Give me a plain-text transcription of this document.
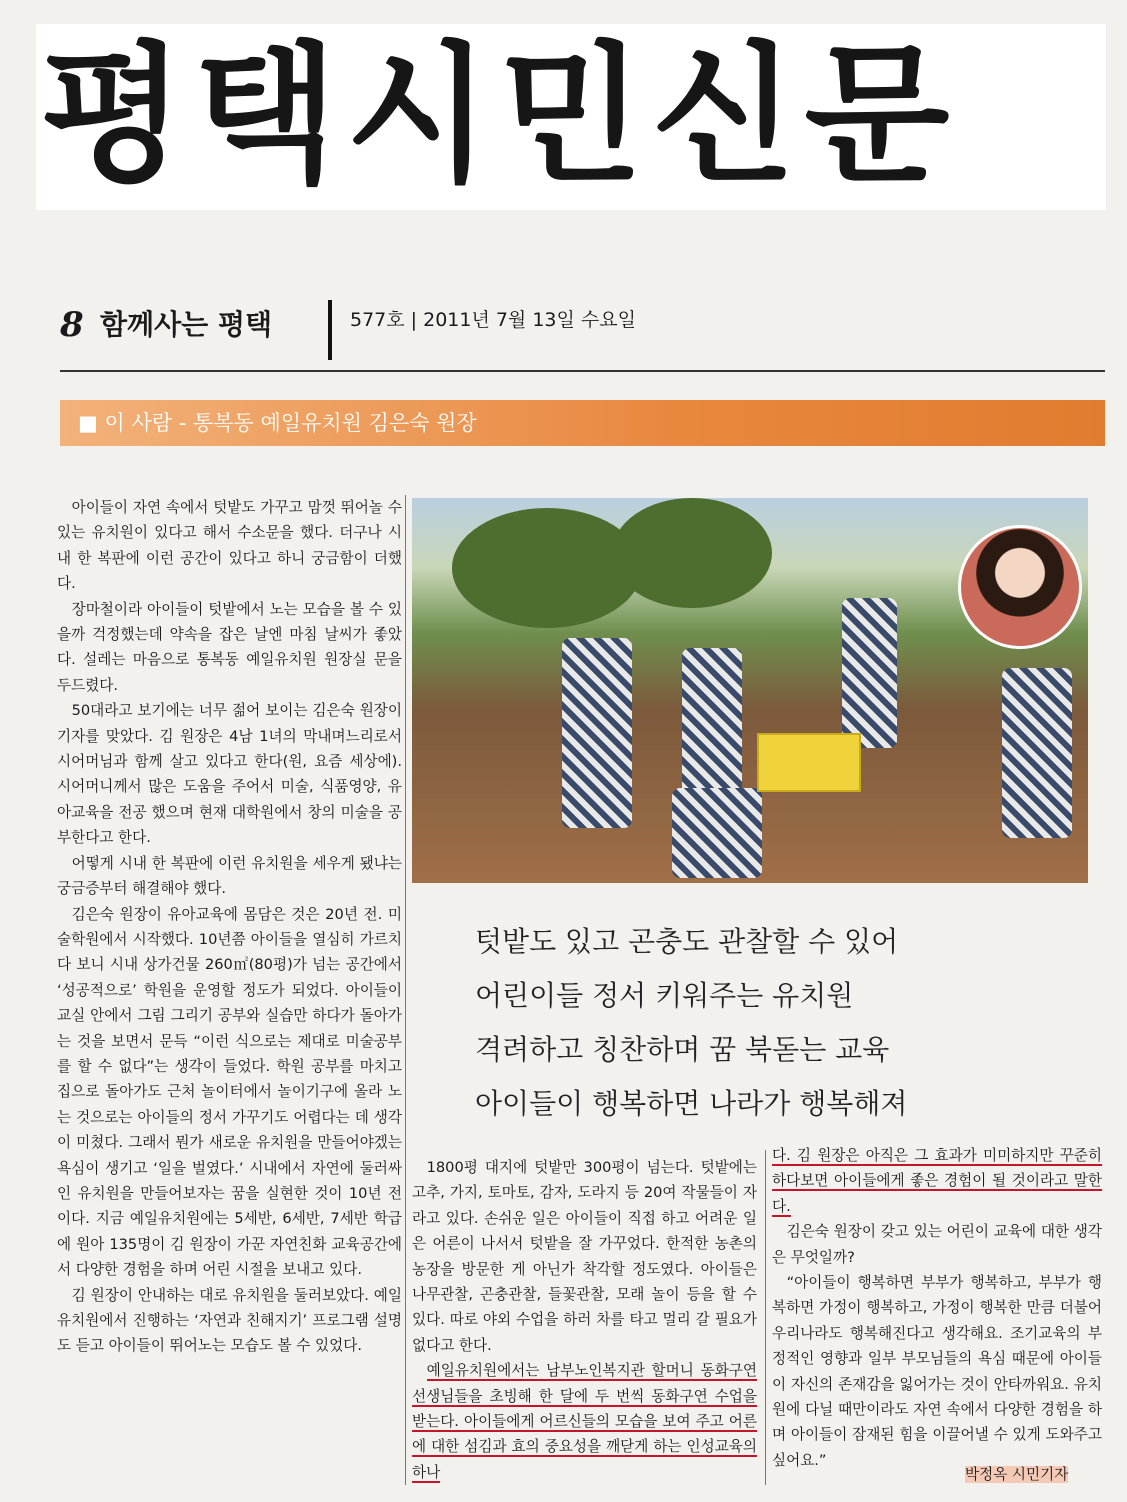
평택시민신문
8 함께사는 평택	577호 | 2011년 7월 13일 수요일
■ 이 사람 - 통복동 예일유치원 김은숙 원장

아이들이 자연 속에서 텃밭도 가꾸고 맘껏 뛰어놀 수 있는 유치원이 있다고 해서 수소문을 했다. 더구나 시내 한 복판에 이런 공간이 있다고 하니 궁금함이 더했다.

장마철이라 아이들이 텃밭에서 노는 모습을 볼 수 있을까 걱정했는데 약속을 잡은 날엔 마침 날씨가 좋았다. 설레는 마음으로 통복동 예일유치원 원장실 문을 두드렸다.

50대라고 보기에는 너무 젊어 보이는 김은숙 원장이 기자를 맞았다. 김 원장은 4남 1녀의 막내며느리로서 시어머님과 함께 살고 있다고 한다(원, 요즘 세상에). 시어머니께서 많은 도움을 주어서 미술, 식품영양, 유아교육을 전공 했으며 현재 대학원에서 창의 미술을 공부한다고 한다.

어떻게 시내 한 복판에 이런 유치원을 세우게 됐냐는 궁금증부터 해결해야 했다.

김은숙 원장이 유아교육에 몸담은 것은 20년 전. 미술학원에서 시작했다. 10년쯤 아이들을 열심히 가르치다 보니 시내 상가건물 260㎡(80평)가 넘는 공간에서 ‘성공적으로’ 학원을 운영할 정도가 되었다. 아이들이 교실 안에서 그림 그리기 공부와 실습만 하다가 돌아가는 것을 보면서 문득 “이런 식으로는 제대로 미술공부를 할 수 없다”는 생각이 들었다. 학원 공부를 마치고 집으로 돌아가도 근처 놀이터에서 놀이기구에 올라 노는 것으로는 아이들의 정서 가꾸기도 어렵다는 데 생각이 미쳤다. 그래서 뭔가 새로운 유치원을 만들어야겠는 욕심이 생기고 ‘일을 벌였다.’ 시내에서 자연에 둘러싸인 유치원을 만들어보자는 꿈을 실현한 것이 10년 전이다. 지금 예일유치원에는 5세반, 6세반, 7세반 학급에 원아 135명이 김 원장이 가꾼 자연친화 교육공간에서 다양한 경험을 하며 어린 시절을 보내고 있다.

김 원장이 안내하는 대로 유치원을 둘러보았다. 예일유치원에서 진행하는 ‘자연과 친해지기’ 프로그램 설명도 듣고 아이들이 뛰어노는 모습도 볼 수 있었다.

텃밭도 있고 곤충도 관찰할 수 있어
어린이들 정서 키워주는 유치원
격려하고 칭찬하며 꿈 북돋는 교육
아이들이 행복하면 나라가 행복해져

1800평 대지에 텃밭만 300평이 넘는다. 텃밭에는 고추, 가지, 토마토, 감자, 도라지 등 20여 작물들이 자라고 있다. 손쉬운 일은 아이들이 직접 하고 어려운 일은 어른이 나서서 텃밭을 잘 가꾸었다. 한적한 농촌의 농장을 방문한 게 아닌가 착각할 정도였다. 아이들은 나무관찰, 곤충관찰, 들꽃관찰, 모래 놀이 등을 할 수 있다. 따로 야외 수업을 하러 차를 타고 멀리 갈 필요가 없다고 한다.

예일유치원에서는 남부노인복지관 할머니 동화구연 선생님들을 초빙해 한 달에 두 번씩 동화구연 수업을 받는다. 아이들에게 어르신들의 모습을 보여 주고 어른에 대한 섬김과 효의 중요성을 깨닫게 하는 인성교육의 하나

다. 김 원장은 아직은 그 효과가 미미하지만 꾸준히 하다보면 아이들에게 좋은 경험이 될 것이라고 말한다.

김은숙 원장이 갖고 있는 어린이 교육에 대한 생각은 무엇일까?

“아이들이 행복하면 부부가 행복하고, 부부가 행복하면 가정이 행복하고, 가정이 행복한 만큼 더불어 우리나라도 행복해진다고 생각해요. 조기교육의 부정적인 영향과 일부 부모님들의 욕심 때문에 아이들이 자신의 존재감을 잃어가는 것이 안타까워요. 유치원에 다닐 때만이라도 자연 속에서 다양한 경험을 하며 아이들이 잠재된 힘을 이끌어낼 수 있게 도와주고 싶어요.”

박정옥 시민기자
